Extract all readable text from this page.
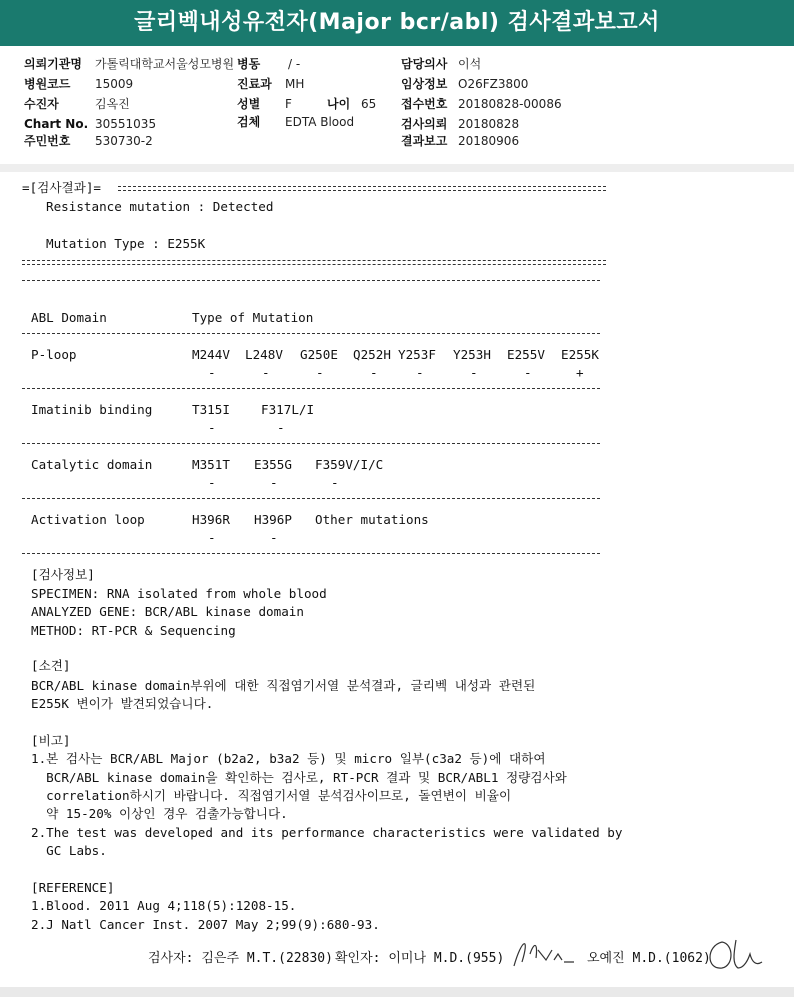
글리벡내성유전자(Major bcr/abl) 검사결과보고서
의뢰기관명 가톨릭대학교서울성모병원 병동 / -	담당의사 이석
병원코드 15009	진료과 MH	임상정보 O26FZ3800
수진자	김옥진	성별 F	나이 65 접수번호 20180828-00086
Chart No. 30551035	검체 EDTA Blood	검사의뢰 20180828
주민번호 530730-2	결과보고 20180906
=[검사결과]=
Resistance mutation : Detected
Mutation Type : E255K
ABL Domain	Type of Mutation
P-loop	M244V L248V G250E Q252H Y253F Y253H E255V E255K
-	-	-	-	-	-	-	+
Imatinib binding	T315I F317L/I
-	-
Catalytic domain	M351T E355G F359V/I/C
-	-	-
Activation loop	H396R H396P Other mutations
-	-
[검사정보]
SPECIMEN: RNA isolated from whole blood
ANALYZED GENE: BCR/ABL kinase domain
METHOD: RT-PCR & Sequencing
[소견]
BCR/ABL kinase domain부위에 대한 직접염기서열 분석결과, 글리벡 내성과 관련된
E255K 변이가 발견되었습니다.
[비고]
1.본 검사는 BCR/ABL Major (b2a2, b3a2 등) 및 micro 일부(c3a2 등)에 대하여
BCR/ABL kinase domain을 확인하는 검사로, RT-PCR 결과 및 BCR/ABL1 정량검사와
correlation하시기 바랍니다. 직접염기서열 분석검사이므로, 돌연변이 비율이
약 15-20% 이상인 경우 검출가능합니다.
2.The test was developed and its performance characteristics were validated by
GC Labs.
[REFERENCE]
1.Blood. 2011 Aug 4;118(5):1208-15.
2.J Natl Cancer Inst. 2007 May 2;99(9):680-93.
검사자: 김은주 M.T.(22830) 확인자: 이미나 M.D.(955)	오예진 M.D.(1062)
